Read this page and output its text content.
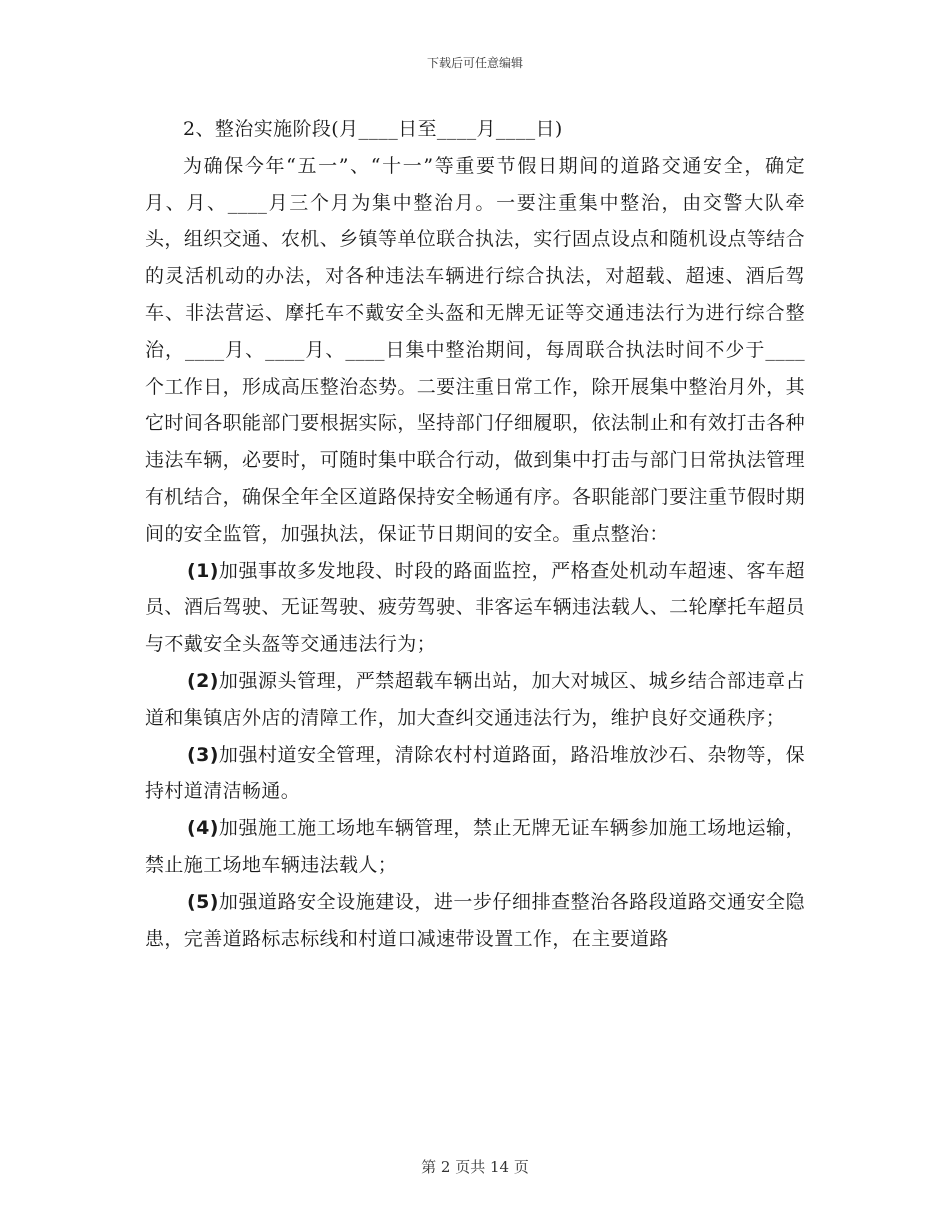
下载后可任意编辑

2、整治实施阶段(月____日至____月____日)

为确保今年“五一”、“十一”等重要节假日期间的道路交通安全，确定月、月、____月三个月为集中整治月。一要注重集中整治，由交警大队牵头，组织交通、农机、乡镇等单位联合执法，实行固点设点和随机设点等结合的灵活机动的办法，对各种违法车辆进行综合执法，对超载、超速、酒后驾车、非法营运、摩托车不戴安全头盔和无牌无证等交通违法行为进行综合整治，____月、____月、____日集中整治期间，每周联合执法时间不少于____个工作日，形成高压整治态势。二要注重日常工作，除开展集中整治月外，其它时间各职能部门要根据实际，坚持部门仔细履职，依法制止和有效打击各种违法车辆，必要时，可随时集中联合行动，做到集中打击与部门日常执法管理有机结合，确保全年全区道路保持安全畅通有序。各职能部门要注重节假时期间的安全监管，加强执法，保证节日期间的安全。重点整治：

(1)加强事故多发地段、时段的路面监控，严格查处机动车超速、客车超员、酒后驾驶、无证驾驶、疲劳驾驶、非客运车辆违法载人、二轮摩托车超员与不戴安全头盔等交通违法行为；

(2)加强源头管理，严禁超载车辆出站，加大对城区、城乡结合部违章占道和集镇店外店的清障工作，加大查纠交通违法行为，维护良好交通秩序；

(3)加强村道安全管理，清除农村村道路面，路沿堆放沙石、杂物等，保持村道清洁畅通。

(4)加强施工施工场地车辆管理，禁止无牌无证车辆参加施工场地运输，禁止施工场地车辆违法载人；

(5)加强道路安全设施建设，进一步仔细排查整治各路段道路交通安全隐患，完善道路标志标线和村道口减速带设置工作，在主要道路

第 2 页共 14 页
